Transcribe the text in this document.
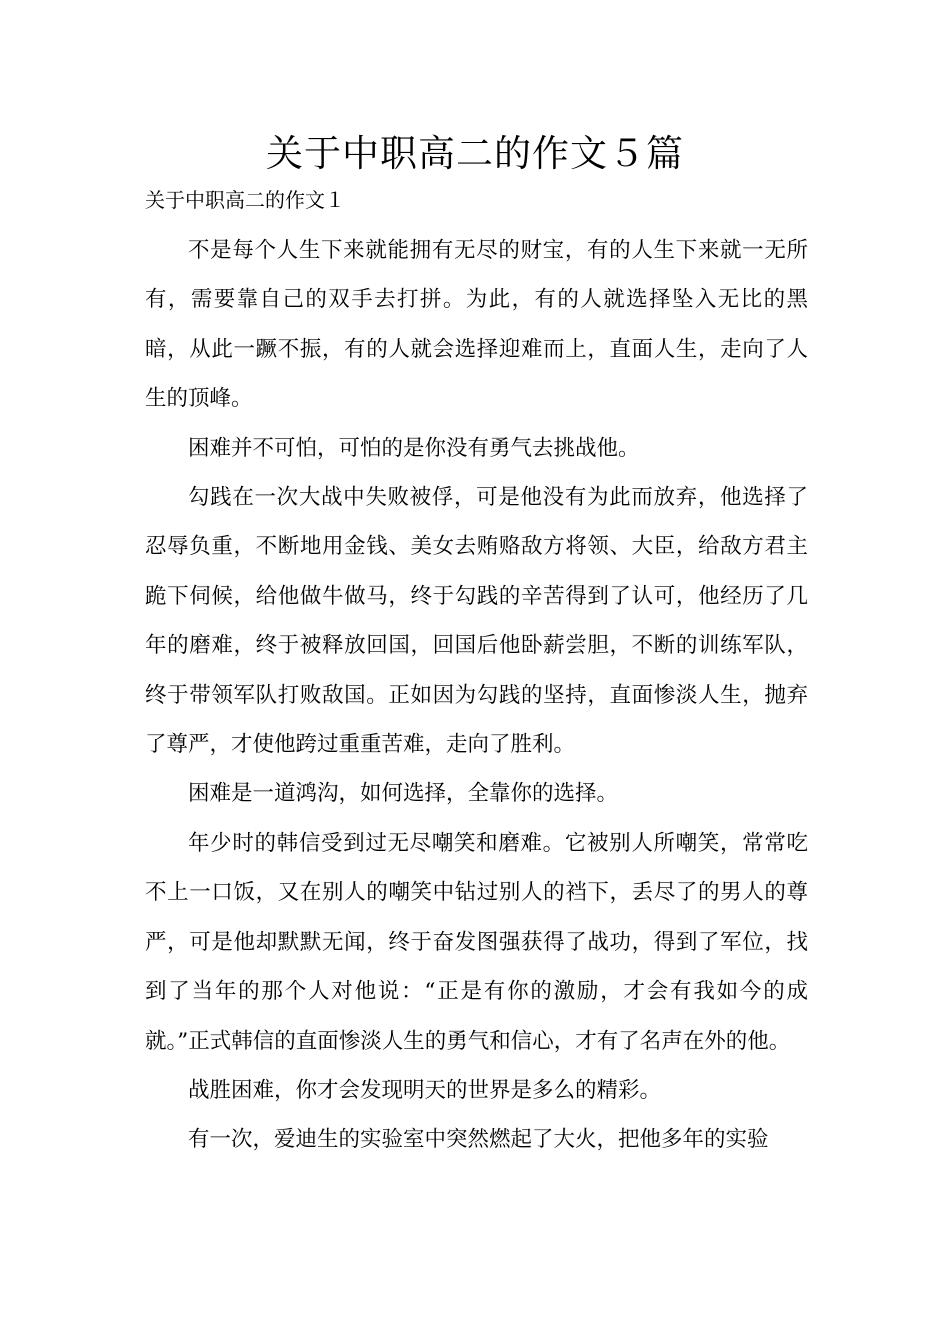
关于中职高二的作文５篇
关于中职高二的作文１

不是每个人生下来就能拥有无尽的财宝，有的人生下来就一无所有，需要靠自己的双手去打拼。为此，有的人就选择坠入无比的黑暗，从此一蹶不振，有的人就会选择迎难而上，直面人生，走向了人生的顶峰。

困难并不可怕，可怕的是你没有勇气去挑战他。

勾践在一次大战中失败被俘，可是他没有为此而放弃，他选择了忍辱负重，不断地用金钱、美女去贿赂敌方将领、大臣，给敌方君主跪下伺候，给他做牛做马，终于勾践的辛苦得到了认可，他经历了几年的磨难，终于被释放回国，回国后他卧薪尝胆，不断的训练军队，终于带领军队打败敌国。正如因为勾践的坚持，直面惨淡人生，抛弃了尊严，才使他跨过重重苦难，走向了胜利。

困难是一道鸿沟，如何选择，全靠你的选择。

年少时的韩信受到过无尽嘲笑和磨难。它被别人所嘲笑，常常吃不上一口饭，又在别人的嘲笑中钻过别人的裆下，丢尽了的男人的尊严，可是他却默默无闻，终于奋发图强获得了战功，得到了军位，找到了当年的那个人对他说：“正是有你的激励，才会有我如今的成就。”正式韩信的直面惨淡人生的勇气和信心，才有了名声在外的他。

战胜困难，你才会发现明天的世界是多么的精彩。

有一次，爱迪生的实验室中突然燃起了大火，把他多年的实验
